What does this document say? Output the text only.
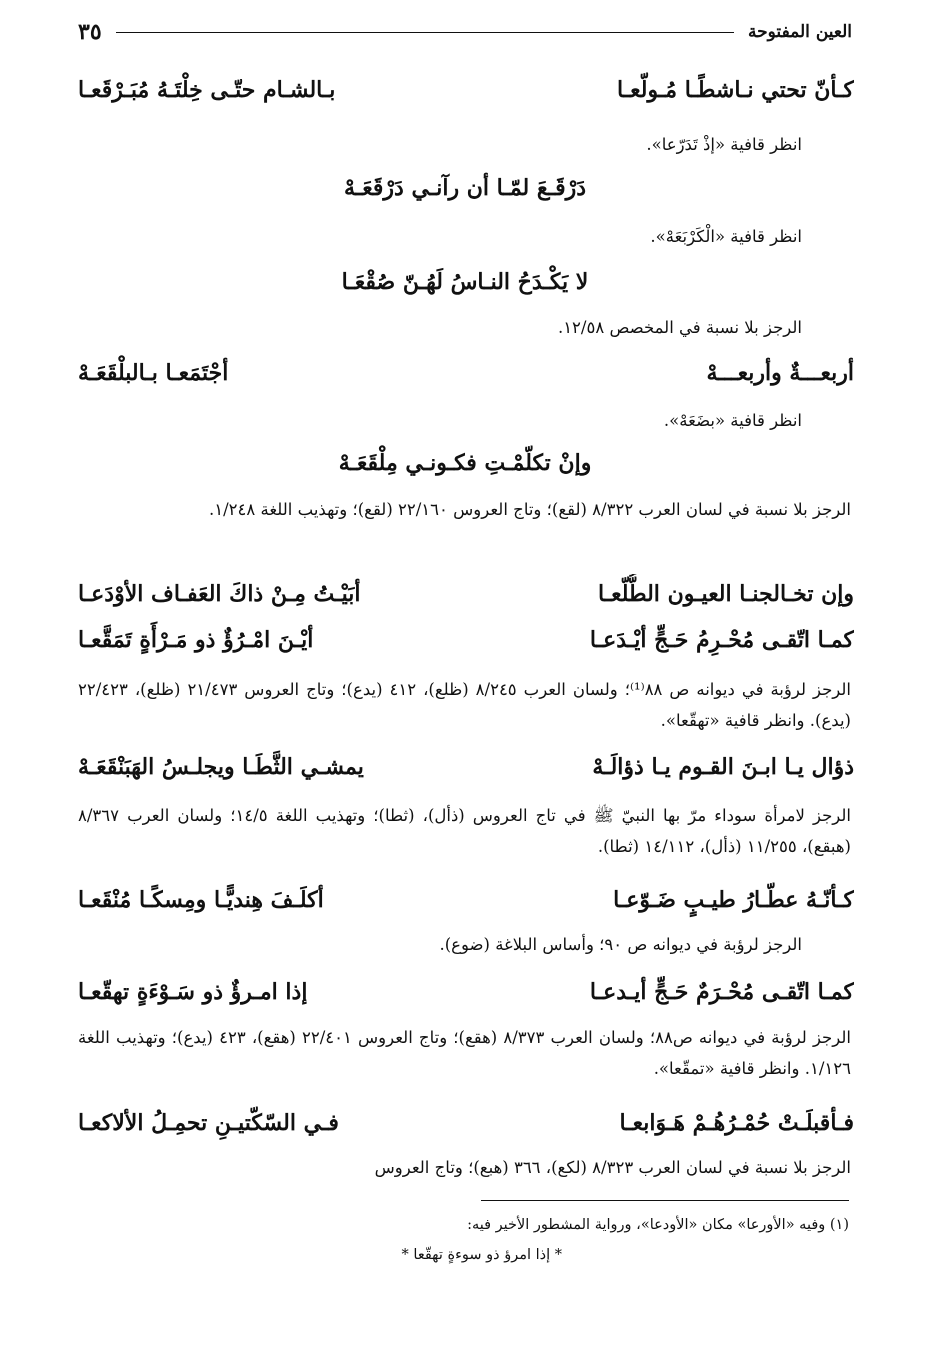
العين المفتوحة
٣٥
كـأنّ تحتي نـاشطًـا مُـولّعـا
بـالشـام حتّـى خِلْتَـهُ مُبَـرْقَعـا
انظر قافية «إذْ تَدَرّعا».
دَرْقَـعَ لمّـا أن رآنـي دَرْقَعَـهْ
انظر قافية «الْكَرْبَعَهْ».
لا يَكْـدَحُ النـاسُ لَهُـنّ صُقْعَـا
الرجز بلا نسبة في المخصص ١٢/٥٨.
أربعـــةٌ وأربعـــهْ
أجْتَمَعـا بـالبلْقَعَـهْ
انظر قافية «بضَعَهْ».
وإنْ تكلّمْـتِ فكـونـي مِلْقَعَـهْ
الرجز بلا نسبة في لسان العرب ٨/٣٢٢ (لقع)؛ وتاج العروس ٢٢/١٦٠ (لقع)؛ وتهذيب اللغة ١/٢٤٨.
وإن تخـالجنـا العيـون الطُّلّعـا
أبَيْـتُ مِـنْ ذاكَ العَفـاف الأوْدَعـا
كمـا اتّقـى مُحْـرِمُ حَـجٍّ أيْـدَعـا
أيْـنَ امْـرُؤٌ ذو مَـرْأَةٍ تَمَقَّعـا
الرجز لرؤبة في ديوانه ص ٨٨⁽¹⁾؛ ولسان العرب ٨/٢٤٥ (ظلع)، ٤١٢ (يدع)؛ وتاج العروس ٢١/٤٧٣ (ظلع)، ٢٢/٤٢٣ (يدع). وانظر قافية «تهقّعا».
ذؤال يـا ابـنَ القـوم يـا ذؤالَـهْ
يمشـي الثَّطَـا ويجلـسُ الهَبَنْقَعَـهْ
الرجز لامرأة سوداء مرّ بها النبيّ ﷺ في تاج العروس (ذأل)، (ثطا)؛ وتهذيب اللغة ١٤/٥؛ ولسان العرب ٨/٣٦٧ (هبقع)، ١١/٢٥٥ (ذأل)، ١٤/١١٢ (ثطا).
كـأنّـهُ عطّـارُ طيـبٍ ضَـوّعـا
أكلَـفَ هِنديًّـا ومِسكًـا مُنْقَعـا
الرجز لرؤبة في ديوانه ص ٩٠؛ وأساس البلاغة (ضوع).
كمـا اتّقـى مُحْـرَمٌ حَـجٍّ أيـدعـا
إذا امـرؤٌ ذو سَـوْءَةٍ تهقّعـا
الرجز لرؤبة في ديوانه ص٨٨؛ ولسان العرب ٨/٣٧٣ (هقع)؛ وتاج العروس ٢٢/٤٠١ (هقع)، ٤٢٣ (يدع)؛ وتهذيب اللغة ١/١٢٦. وانظر قافية «تمقّعا».
فـأقبلَـتْ حُمْـرُهُـمْ هَـوَابعـا
فـي السّكّتيـنِ تحمِـلُ الألاكعـا
الرجز بلا نسبة في لسان العرب ٨/٣٢٣ (لكع)، ٣٦٦ (هبع)؛ وتاج العروس
(١) وفيه «الأورعا» مكان «الأودعا»، ورواية المشطور الأخير فيه:
* إذا امرؤ ذو سوءةٍ تهقّعا *
